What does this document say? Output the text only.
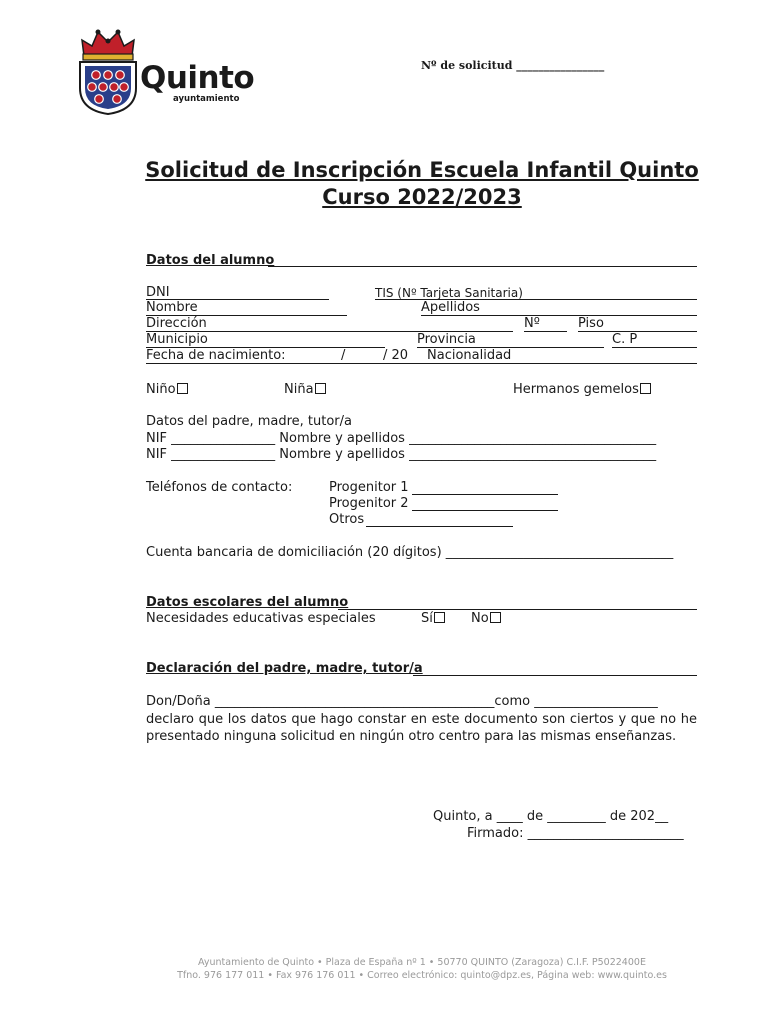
Quinto
ayuntamiento
Nº de solicitud ________________
Solicitud de Inscripción Escuela Infantil Quinto
Curso 2022/2023
Datos del alumno
DNI	TIS (Nº Tarjeta Sanitaria)
Nombre	Apellidos
Dirección	Nº	Piso
Municipio	Provincia	C. P
Fecha de nacimiento:	/	/ 20 Nacionalidad
Niño	Niña	Hermanos gemelos
Datos del padre, madre, tutor/a
NIF ________________ Nombre y apellidos ______________________________________
NIF ________________ Nombre y apellidos ______________________________________
Teléfonos de contacto:	Progenitor 1
Progenitor 2
Otros
Cuenta bancaria de domiciliación (20 dígitos) ___________________________________
Datos escolares del alumno
Necesidades educativas especiales	Sí	No
Declaración del padre, madre, tutor/a
Don/Doña ___________________________________________como ___________________
declaro que los datos que hago constar en este documento son ciertos y que no he presentado ninguna solicitud en ningún otro centro para las mismas enseñanzas.
Quinto, a ____ de _________ de 202__
Firmado: ________________________
Ayuntamiento de Quinto • Plaza de España nº 1 • 50770 QUINTO (Zaragoza) C.I.F. P5022400E
Tfno. 976 177 011 • Fax 976 176 011 • Correo electrónico: quinto@dpz.es, Página web: www.quinto.es
